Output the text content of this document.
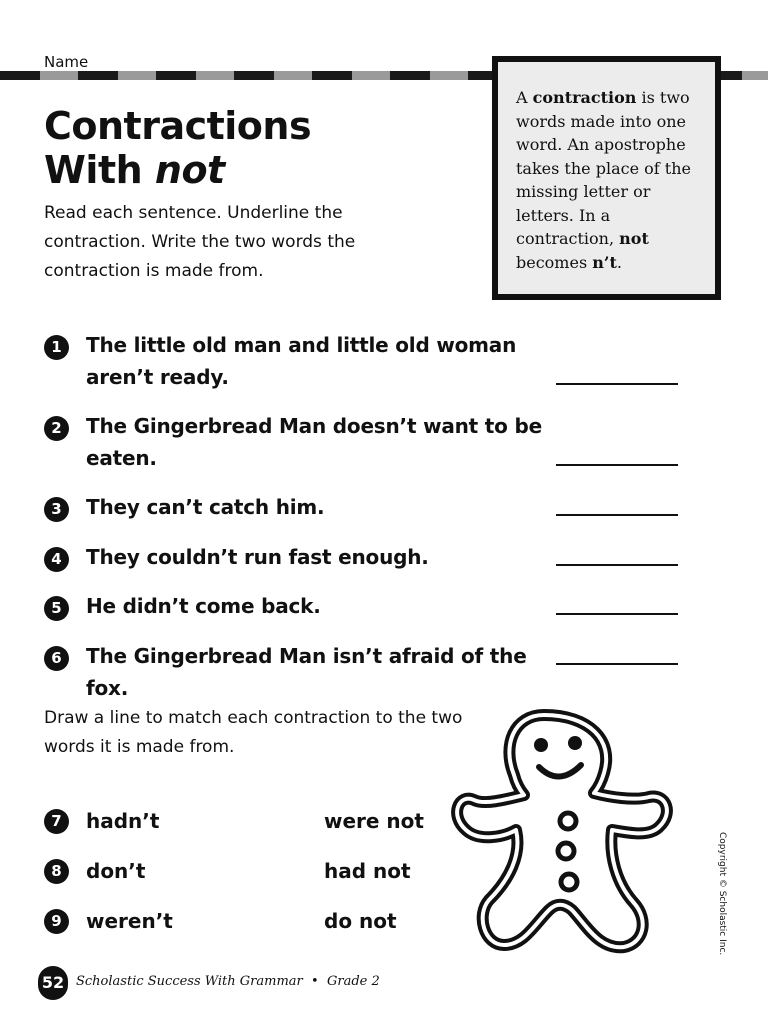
Name
Contractions
With not
Read each sentence. Underline the contraction. Write the two words the contraction is made from.
A contraction is two words made into one word. An apostrophe takes the place of the missing letter or letters. In a contraction, not becomes n’t.
1	The little old man and little old woman aren’t ready.
2	The Gingerbread Man doesn’t want to be eaten.
3	They can’t catch him.
4	They couldn’t run fast enough.
5	He didn’t come back.
6	The Gingerbread Man isn’t afraid of the fox.
Draw a line to match each contraction to the two words it is made from.
7	hadn’t	were not
8	don’t	had not
9	weren’t	do not	Copyright © Scholastic Inc.
52 Scholastic Success With Grammar • Grade 2
